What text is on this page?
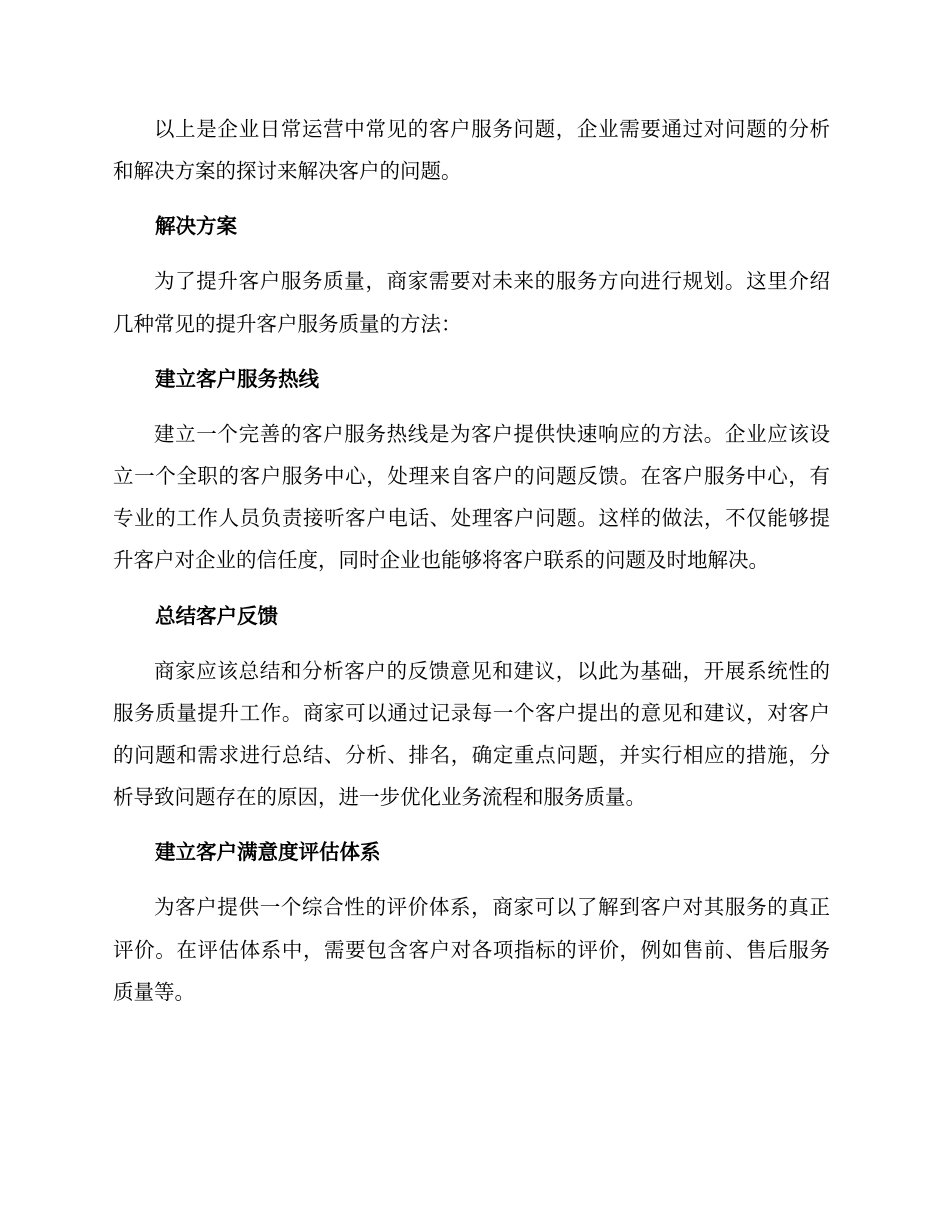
以上是企业日常运营中常见的客户服务问题，企业需要通过对问题的分析和解决方案的探讨来解决客户的问题。

解决方案

为了提升客户服务质量，商家需要对未来的服务方向进行规划。这里介绍几种常见的提升客户服务质量的方法：

建立客户服务热线

建立一个完善的客户服务热线是为客户提供快速响应的方法。企业应该设立一个全职的客户服务中心，处理来自客户的问题反馈。在客户服务中心，有专业的工作人员负责接听客户电话、处理客户问题。这样的做法，不仅能够提升客户对企业的信任度，同时企业也能够将客户联系的问题及时地解决。

总结客户反馈

商家应该总结和分析客户的反馈意见和建议，以此为基础，开展系统性的服务质量提升工作。商家可以通过记录每一个客户提出的意见和建议，对客户的问题和需求进行总结、分析、排名，确定重点问题，并实行相应的措施，分析导致问题存在的原因，进一步优化业务流程和服务质量。

建立客户满意度评估体系

为客户提供一个综合性的评价体系，商家可以了解到客户对其服务的真正评价。在评估体系中，需要包含客户对各项指标的评价，例如售前、售后服务质量等。
